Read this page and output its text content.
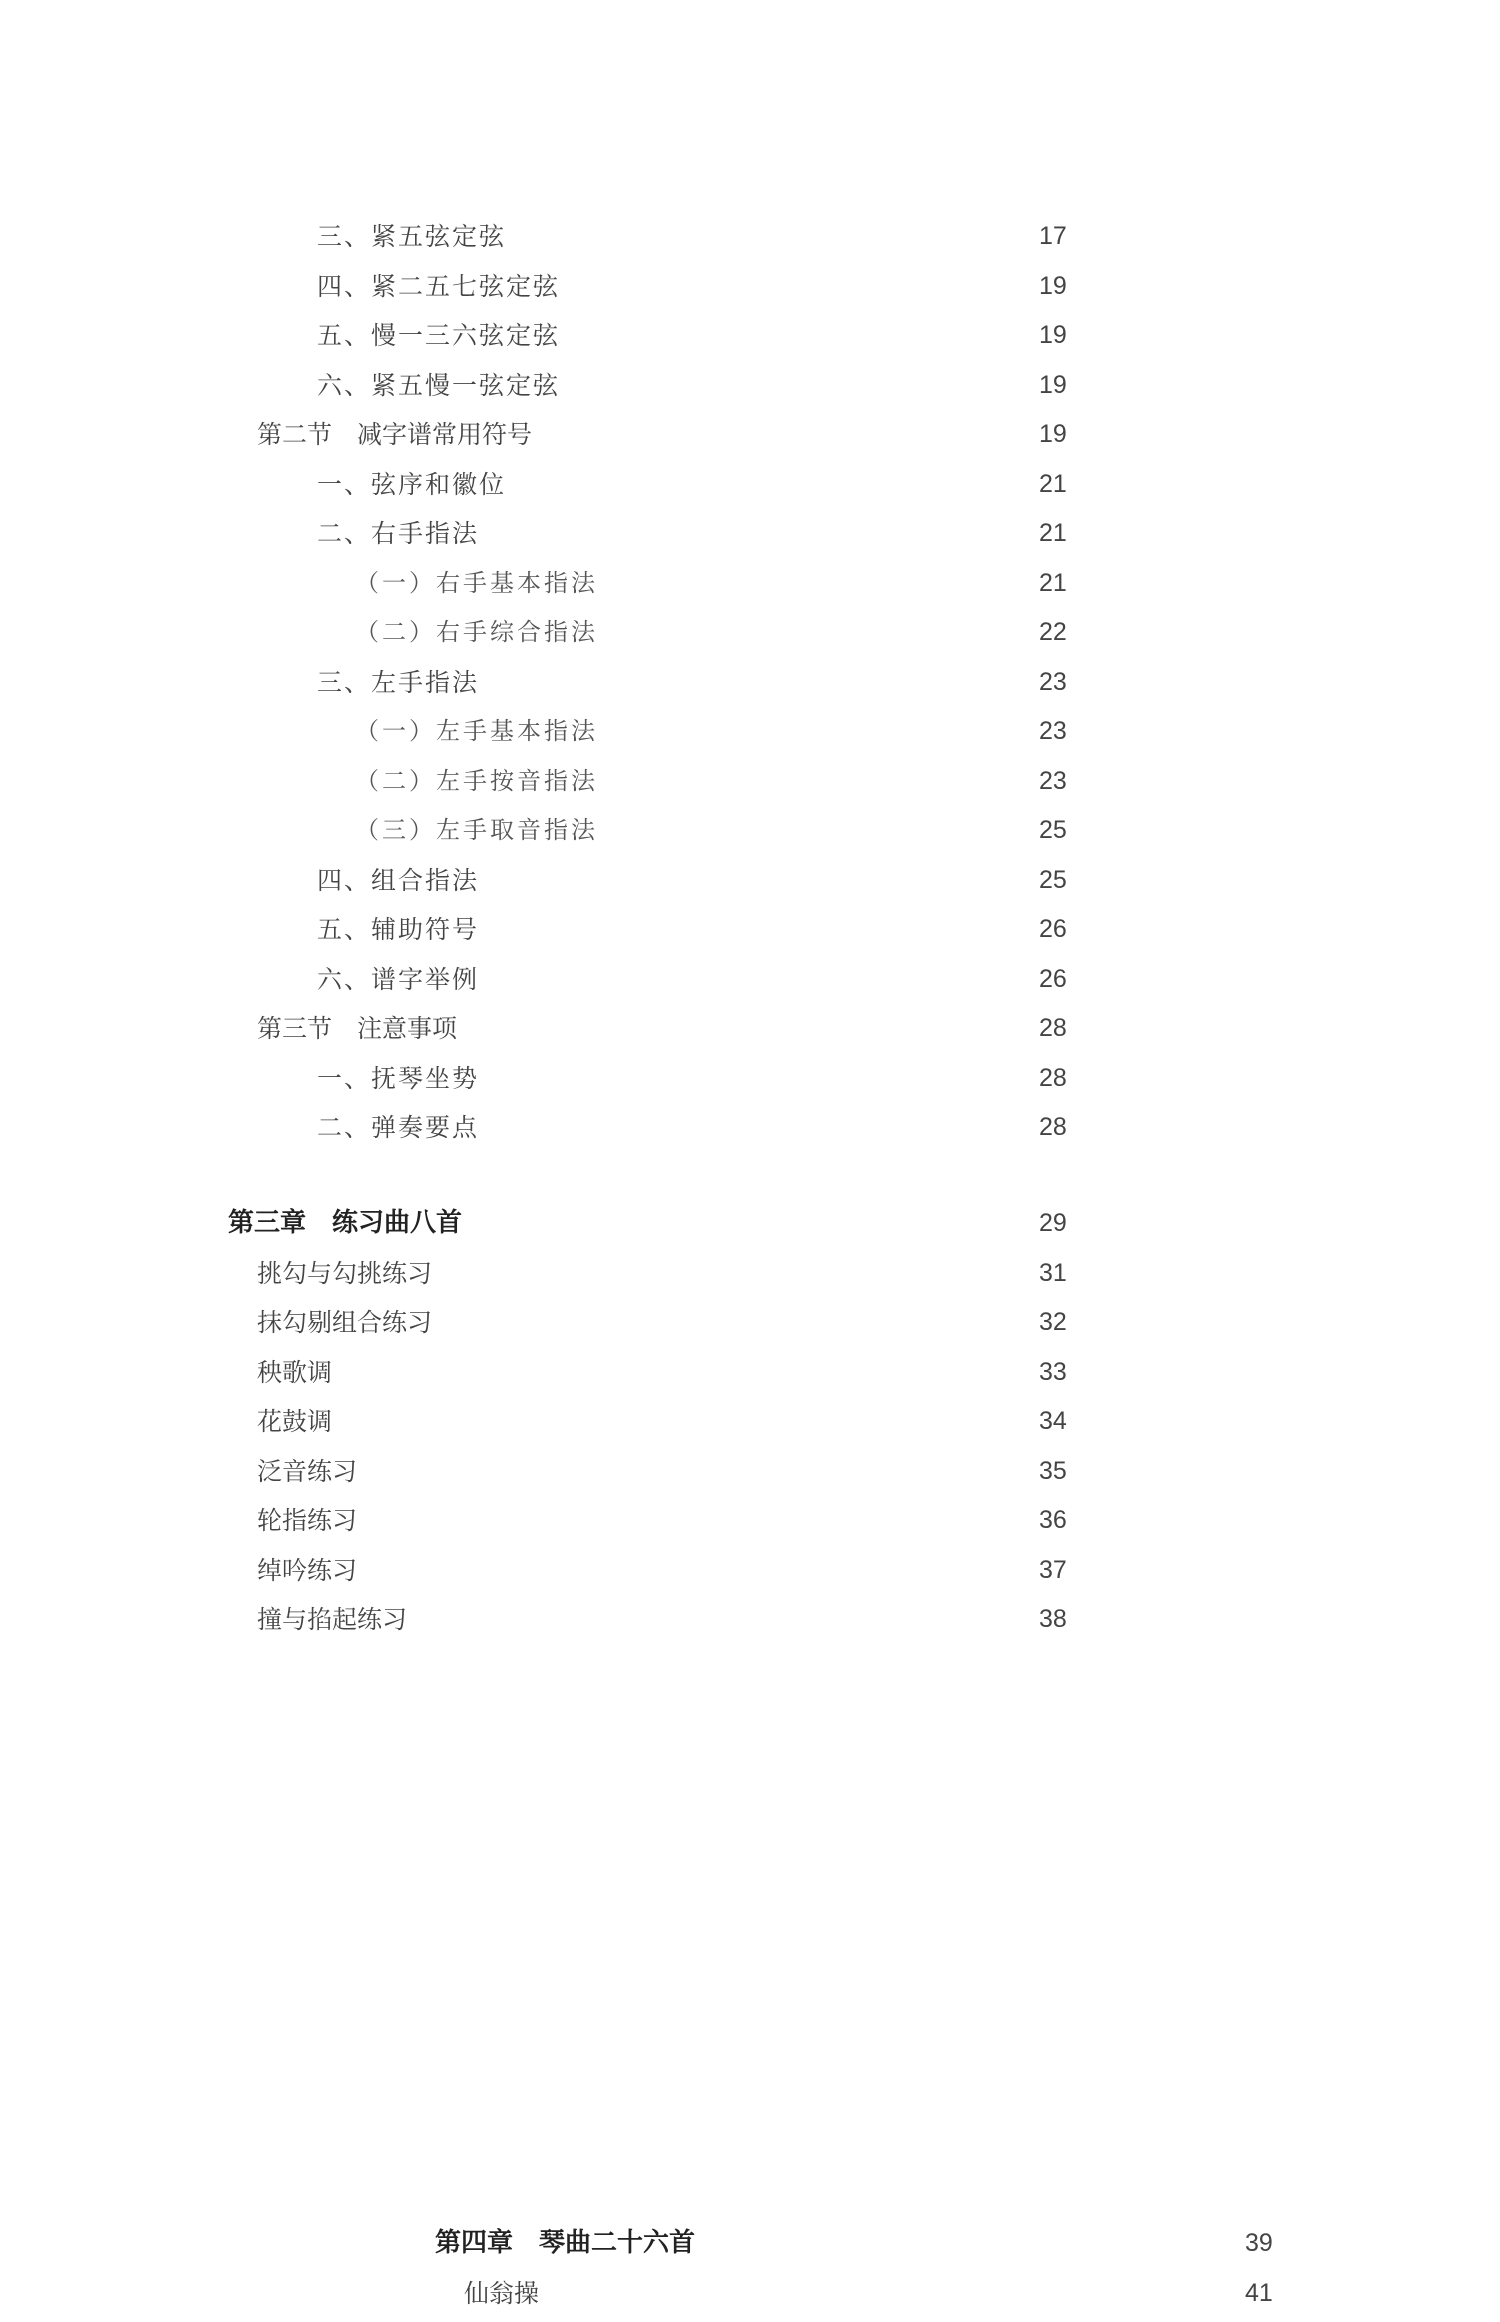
三、紧五弦定弦	17
四、紧二五七弦定弦	19
五、慢一三六弦定弦	19
六、紧五慢一弦定弦	19
第二节　减字谱常用符号	19
一、弦序和徽位	21
二、右手指法	21
（一）右手基本指法	21
（二）右手综合指法	22
三、左手指法	23
（一）左手基本指法	23
（二）左手按音指法	23
（三）左手取音指法	25
四、组合指法	25
五、辅助符号	26
六、谱字举例	26
第三节　注意事项	28
一、抚琴坐势	28
二、弹奏要点	28
第三章　练习曲八首	29
挑勾与勾挑练习	31
抹勾剔组合练习	32
秧歌调	33
花鼓调	34
泛音练习	35
轮指练习	36
绰吟练习	37
撞与掐起练习	38
第四章　琴曲二十六首	39
仙翁操	41
